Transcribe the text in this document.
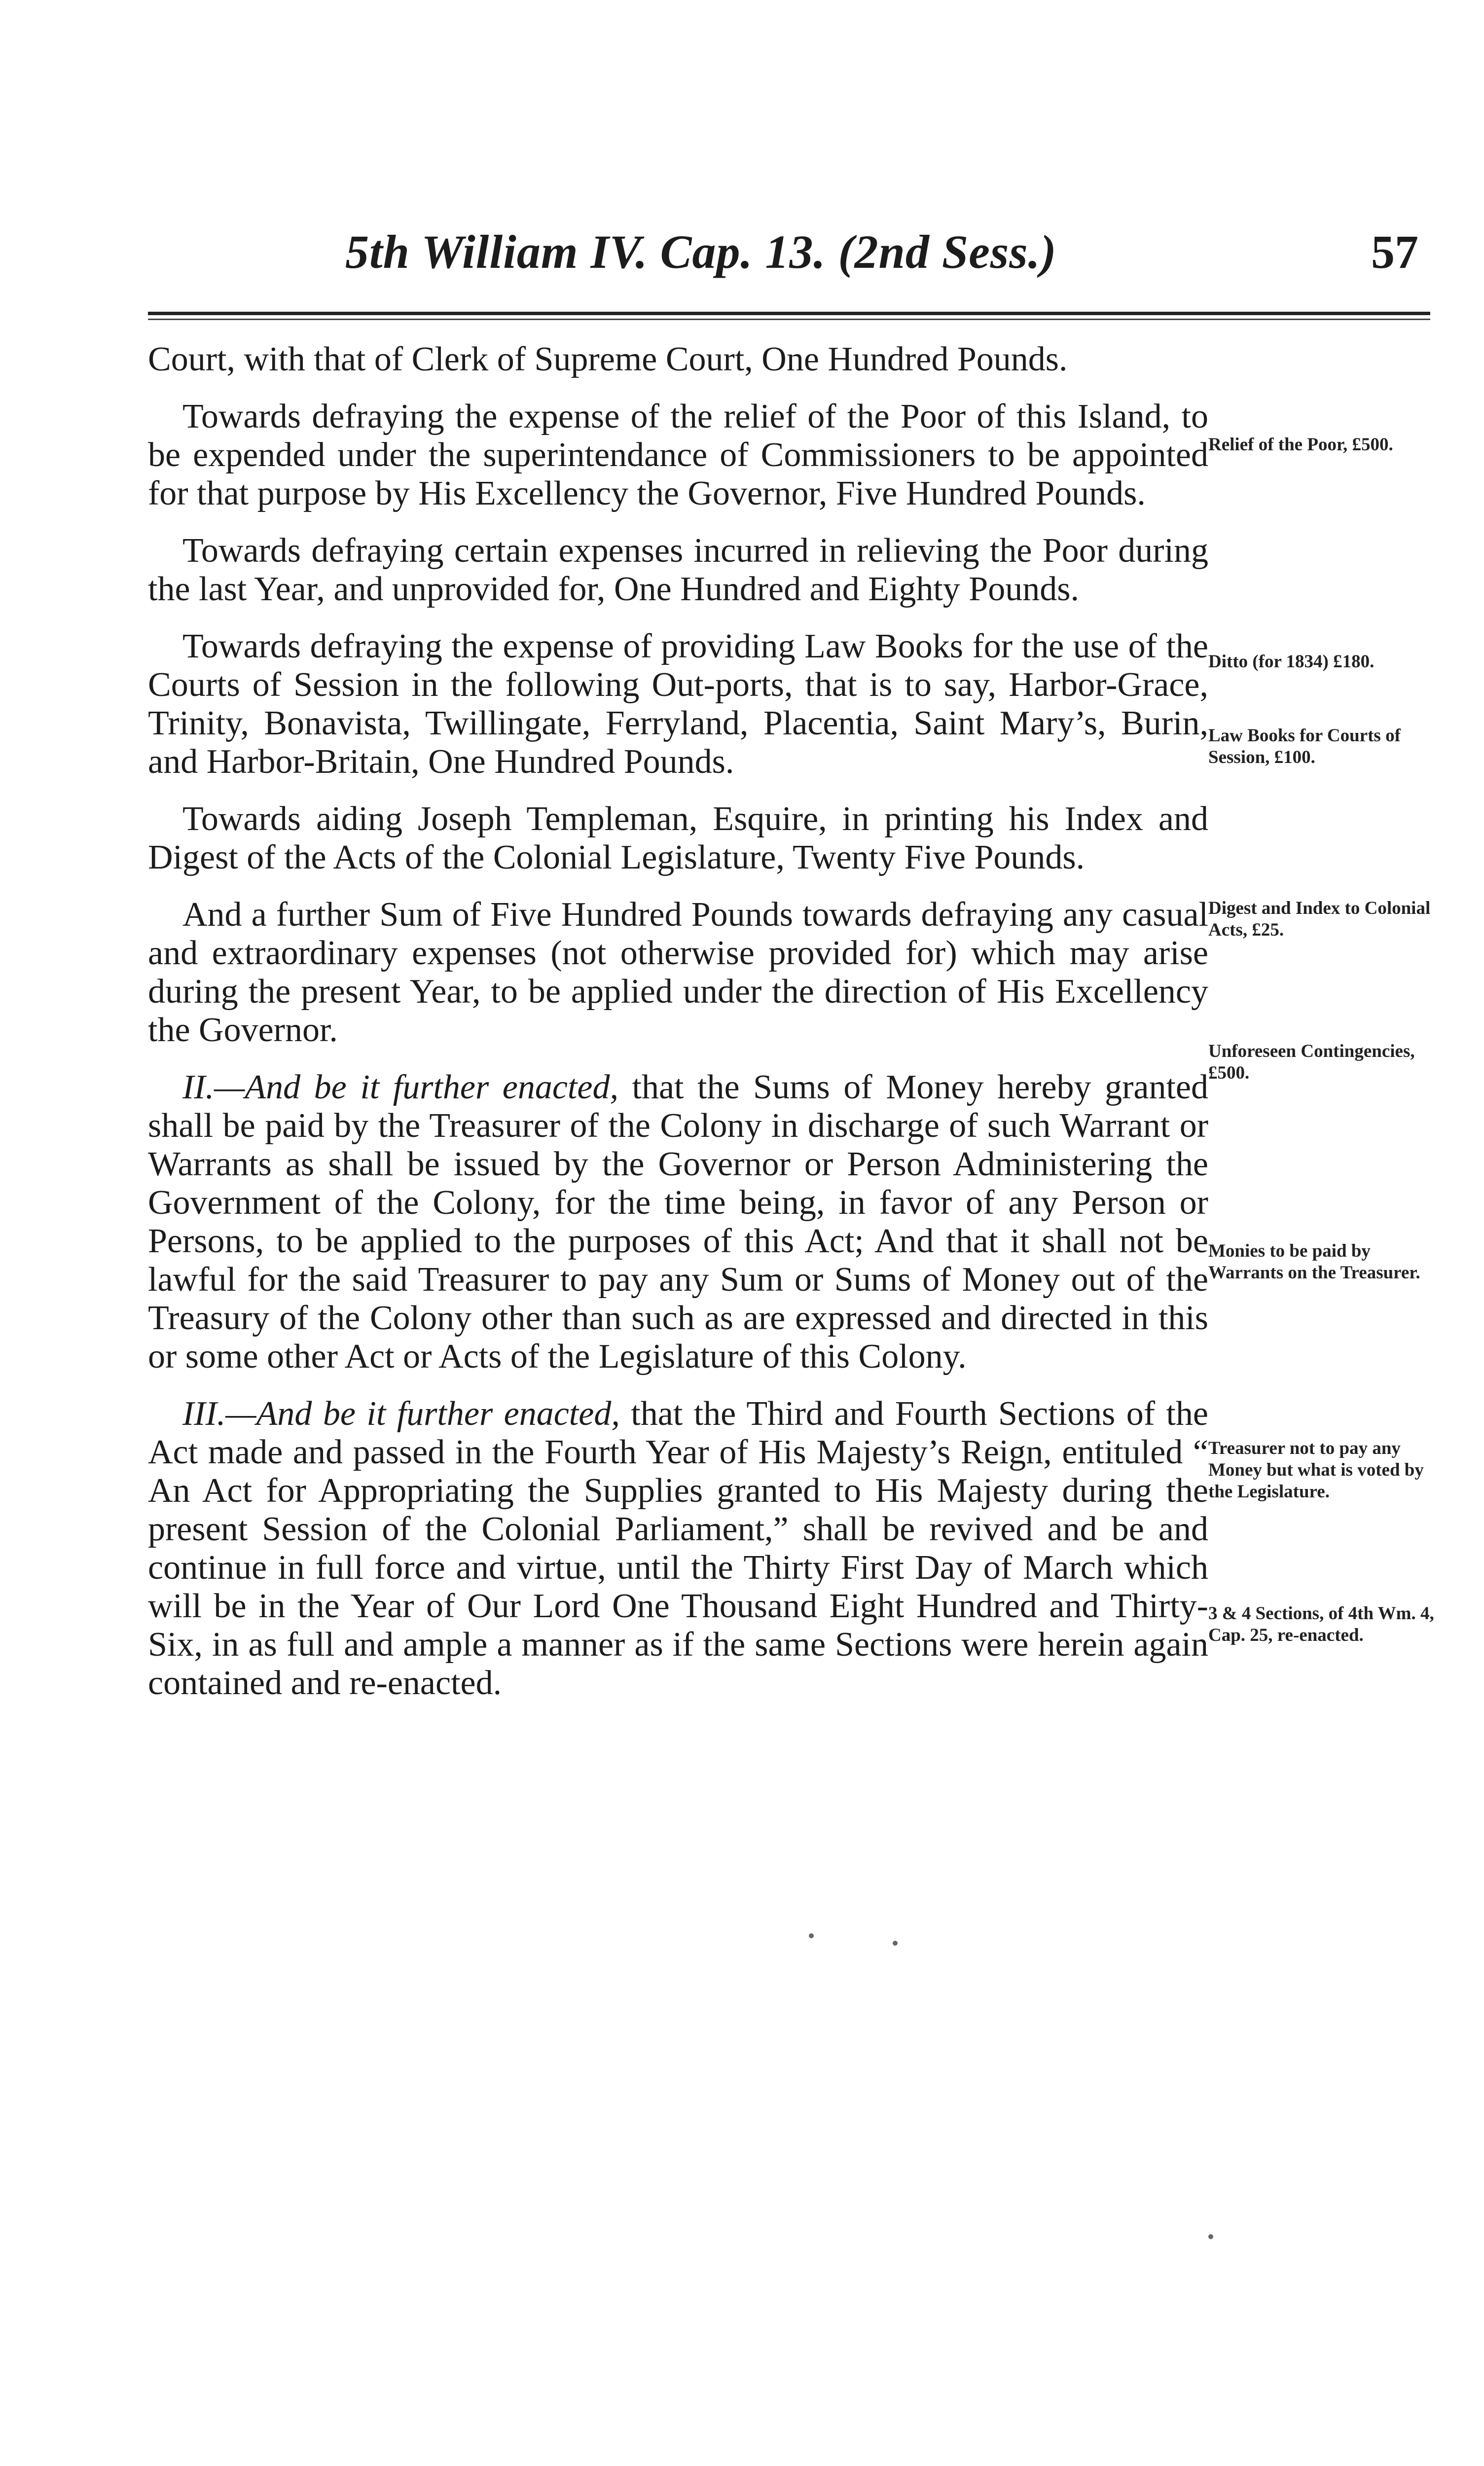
5th William IV. Cap. 13. (2nd Sess.)	57

Court, with that of Clerk of Supreme Court, One Hundred Pounds.

Towards defraying the expense of the relief of the Poor of this Island, to be expended under the superintendance of Commissioners to be appointed for that purpose by His Excellency the Governor, Five Hundred Pounds.

Towards defraying certain expenses incurred in relieving the Poor during the last Year, and unprovided for, One Hundred and Eighty Pounds.

Towards defraying the expense of providing Law Books for the use of the Courts of Session in the following Out-ports, that is to say, Harbor-Grace, Trinity, Bonavista, Twillingate, Ferryland, Placentia, Saint Mary’s, Burin, and Harbor-Britain, One Hundred Pounds.

Towards aiding Joseph Templeman, Esquire, in printing his Index and Digest of the Acts of the Colonial Legislature, Twenty Five Pounds.

And a further Sum of Five Hundred Pounds towards defraying any casual and extraordinary expenses (not otherwise provided for) which may arise during the present Year, to be applied under the direction of His Excellency the Governor.

II.—And be it further enacted, that the Sums of Money hereby granted shall be paid by the Treasurer of the Colony in discharge of such Warrant or Warrants as shall be issued by the Governor or Person Administering the Government of the Colony, for the time being, in favor of any Person or Persons, to be applied to the purposes of this Act; And that it shall not be lawful for the said Treasurer to pay any Sum or Sums of Money out of the Treasury of the Colony other than such as are expressed and directed in this or some other Act or Acts of the Legislature of this Colony.

III.—And be it further enacted, that the Third and Fourth Sections of the Act made and passed in the Fourth Year of His Majesty’s Reign, entituled “ An Act for Appropriating the Supplies granted to His Majesty during the present Session of the Colonial Parliament,” shall be revived and be and continue in full force and virtue, until the Thirty First Day of March which will be in the Year of Our Lord One Thousand Eight Hundred and Thirty-Six, in as full and ample a manner as if the same Sections were herein again contained and re-enacted.

Relief of the Poor, £500.
Ditto (for 1834) £180.
Law Books for Courts of Session, £100.
Digest and Index to Colonial Acts, £25.
Unforeseen Contingencies, £500.
Monies to be paid by Warrants on the Treasurer.
Treasurer not to pay any Money but what is voted by the Legislature.
3 & 4 Sections, of 4th Wm. 4, Cap. 25, re-enacted.
